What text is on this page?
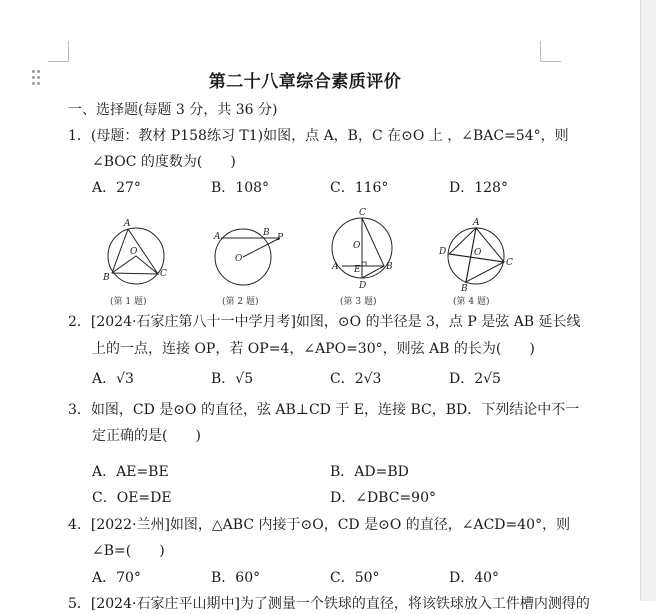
第二十八章综合素质评价
一、选择题(每题 3 分，共 36 分)
1．(母题：教材 P158练习 T1)如图，点 A，B，C 在⊙O 上 ，∠BAC=54°，则
∠BOC 的度数为(　　)
A．27°	B．108°	C．116°	D．128°
A
O
B	C
(第 1 题)
A	B P
O
(第 2 题)
C
O
A E	B
D
(第 3 题)
A
D	O
C
B
(第 4 题)
2．[2024·石家庄第八十一中学月考]如图，⊙O 的半径是 3，点 P 是弦 AB 延长线
上的一点，连接 OP，若 OP=4，∠APO=30°，则弦 AB 的长为(　　)
A．√3	B．√5	C．2√3	D．2√5
3．如图，CD 是⊙O 的直径，弦 AB⊥CD 于 E，连接 BC，BD．下列结论中不一
定正确的是(　　)
A．AE=BE	B．AD=BD
C．OE=DE	D．∠DBC=90°
4．[2022·兰州]如图，△ABC 内接于⊙O，CD 是⊙O 的直径，∠ACD=40°，则
∠B=(　　)
A．70°	B．60°	C．50°	D．40°
5．[2024·石家庄平山期中]为了测量一个铁球的直径，将该铁球放入工件槽内测得的
